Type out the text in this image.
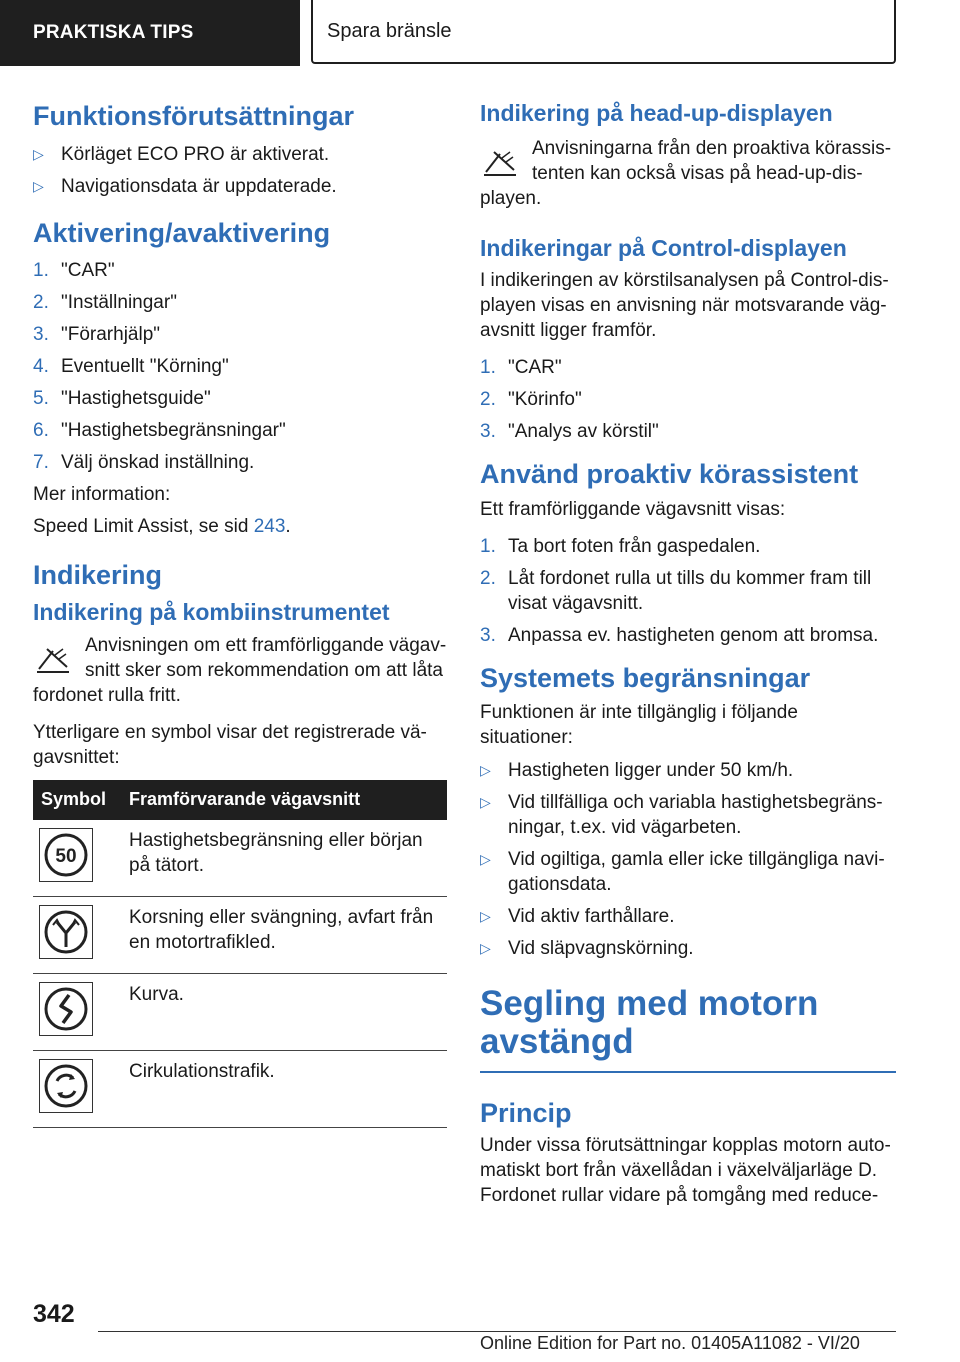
PRAKTISKA TIPS	Spara bränsle
Funktionsförutsättningar
▷ Körläget ECO PRO är aktiverat.
▷ Navigationsdata är uppdaterade.
Aktivering/avaktivering
1. "CAR"
2. "Inställningar"
3. "Förarhjälp"
4. Eventuellt "Körning"
5. "Hastighetsguide"
6. "Hastighetsbegränsningar"
7. Välj önskad inställning.

Mer information:

Speed Limit Assist, se sid 243.

Indikering
Indikering på kombiinstrumentet

Anvisningen om ett framförliggande vägav-snitt sker som rekommendation om att låta fordonet rulla fritt.

Ytterligare en symbol visar det registrerade vä-gavsnittet:

Symbol	Framförvarande vägavsnitt

50	Hastighetsbegränsning eller början på tätort.

	Korsning eller svängning, avfart från en motortrafikled.

	Kurva.

	Cirkulationstrafik.
Indikering på head-up-displayen

Anvisningarna från den proaktiva körassis-tenten kan också visas på head-up-dis-playen.

Indikeringar på Control-displayen

I indikeringen av körstilsanalysen på Control-dis-playen visas en anvisning när motsvarande väg-avsnitt ligger framför.

1. "CAR"
2. "Körinfo"
3. "Analys av körstil"
Använd proaktiv körassistent

Ett framförliggande vägavsnitt visas:

1. Ta bort foten från gaspedalen.
2. Låt fordonet rulla ut tills du kommer fram till visat vägavsnitt.
3. Anpassa ev. hastigheten genom att bromsa.
Systemets begränsningar

Funktionen är inte tillgänglig i följande situationer:

▷ Hastigheten ligger under 50 km/h.
▷ Vid tillfälliga och variabla hastighetsbegräns-ningar, t.ex. vid vägarbeten.
▷ Vid ogiltiga, gamla eller icke tillgängliga navi-gationsdata.
▷ Vid aktiv farthållare.
▷ Vid släpvagnskörning.
Segling med motorn avstängd
Princip

Under vissa förutsättningar kopplas motorn auto-matiskt bort från växellådan i växelväljarläge D. Fordonet rullar vidare på tomgång med reduce-

342
Online Edition for Part no. 01405A11082 - VI/20
